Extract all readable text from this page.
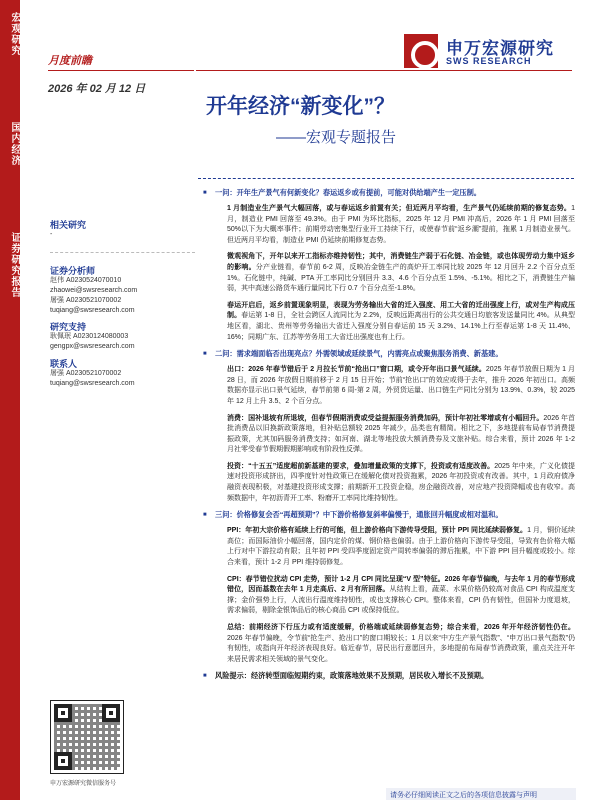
宏观研究
国内经济
证券研究报告
月度前瞻
2026 年 02 月 12 日
申万宏源研究
SWS RESEARCH
开年经济“新变化”？
——宏观专题报告
相关研究
-
证券分析师
赵伟 A0230524070010
zhaowei@swsresearch.com
屠强 A0230521070002
tuqiang@swsresearch.com
研究支持
耿佩珉 A0230124080003
gengpx@swsresearch.com
联系人
屠强 A0230521070002
tuqiang@swsresearch.com
申万宏源研究微信服务号
■ 一问：开年生产景气有何新变化？春运返乡或有提前，可能对供给端产生一定压制。
1 月制造业生产景气大幅回落，或与春运返乡前置有关；但近两月平均看，生产景气仍延续前期的修复态势。1 月，制造业 PMI 回落至 49.3%。由于 PMI 为环比指标，2025 年 12 月 PMI 冲高后，2026 年 1 月 PMI 回落至 50%以下为大概率事件；前期劳动密集型行业开工持续下行，或使春节前“返乡潮”提前，拖累 1 月制造业景气。但近两月平均看，制造业 PMI 仍延续前期修复态势。
微观视角下，开年以来开工指标亦维持韧性；其中，消费链生产弱于石化链、冶金链，或也体现劳动力集中返乡的影响。分产业链看，春节前 6-2 周，反映冶金链生产的高炉开工率同比较 2025 年 12 月回升 2.2 个百分点至 1%。石化链中，纯碱、PTA 开工率同比分别回升 3.3、4.6 个百分点至 1.5%、-5.1%。相比之下，消费链生产偏弱，其中高速公路货车通行量同比下行 0.7 个百分点至-1.8%。
春运开启后，返乡前置现象明显，表现为劳务输出大省的迁入强度、用工大省的迁出强度上行，或对生产构成压制。春运第 1-8 日，全社会跨区人流同比为 2.2%，反映远距离出行的公共交通日均旅客发送量同比 4%。从典型地区看，湖北、贵州等劳务输出大省迁入强度分别自春运前 15 天 3.2%、14.1%上行至春运第 1-8 天 11.4%、16%；同期广东、江苏等劳务用工大省迁出强度也有上行。
■ 二问：需求端面临否出现亮点？外需领域或延续景气，内需亮点或聚焦服务消费、新基建。
出口：2026 年春节错后于 2 月拉长节前“抢出口”窗口期，或令开年出口景气延续。2025 年春节放假日期为 1 月 28 日，而 2026 年放假日期前移于 2 月 15 日开始；节前“抢出口”的效应或得于去年，推升 2026 年初出口。高频数据亦显示出口景气延续，春节前第 6 周-第 2 周，外贸货运量、出口链生产同比分别为 13.9%、0.3%，较 2025 年 12 月上升 3.5、2 个百分点。
消费：国补退坡有所退坡，但春节假期消费或受益提振服务消费加码，预计年初社零增或有小幅回升。2026 年首批消费品以旧换新政策落地，但补贴总额较 2025 年减少，品类也有精简。相比之下，多地提前布局春节消费提振政策，尤其加码服务消费支持；如河南、湖北等地投放大额消费券及文旅补贴。综合来看，预计 2026 年 1-2 月社零受春节假期假期影响或有阶段性反弹。
投资：“十五五”适度超前新基建的要求，叠加增量政策的支撑下，投资或有适度改善。2025 年中来，广义化债提速对投资形成挤出，四季度针对性政策已在缓解化债对投资拖累，2026 年初投资或有改善。其中，1 月政府债净融资表现积极，对基建投资形成支撑；前期新开工投资企稳，房企融资改善，对应地产投资降幅或也有收窄。高频数据中，年初沥青开工率、粉磨开工率同比维持韧性。
■ 三问：价格修复会否“再超预期”？中下游价格修复斜率偏慢于，通胀回升幅度或相对温和。
PPI：年初大宗价格有延续上行的可能，但上游价格向下游传导受阻，预计 PPI 同比延续弱修复。1 月，铜价延续高位；而国际油价小幅回落，国内定价的煤、钢价格也偏弱。由于上游价格向下游传导受阻，导致有色价格大幅上行对中下游拉动有限；且年初 PPI 受四季度固定资产周转率偏弱的滞后拖累，中下游 PPI 回升幅度或较小。综合来看，预计 1-2 月 PPI 维持弱修复。
CPI：春节错位扰动 CPI 走势，预计 1-2 月 CPI 同比呈现“V 型”特征。2026 年春节偏晚，与去年 1 月的春节形成错位，因而基数在去年 1 月走高后、2 月有所回落。从结构上看，蔬菜、水果价格仍较高对食品 CPI 构成温度支撑；金价强势上行，人流出行温度维持韧性，或也支撑核心 CPI。整体来看，CPI 仍有韧性，但国补力度退坡，需求偏弱，剔除金银饰品后的核心商品 CPI 或保持低位。
总结：前期经济下行压力或有适度缓解，价格端或延续弱修复态势；综合来看，2026 年开年经济韧性仍在。2026 年春节偏晚，令节前“抢生产、抢出口”的窗口期较长；1 月以来“中方生产景气指数”、“申万出口景气指数”仍有韧性，或指向开年经济表现良好。临近春节，居民出行意愿回升，多地提前布局春节消费政策，重点关注开年来居民需求相关领域的景气变化。
■ 风险提示：经济转型面临短期约束，政策落地效果不及预期，居民收入增长不及预期。
请务必仔细阅读正文之后的各项信息披露与声明
